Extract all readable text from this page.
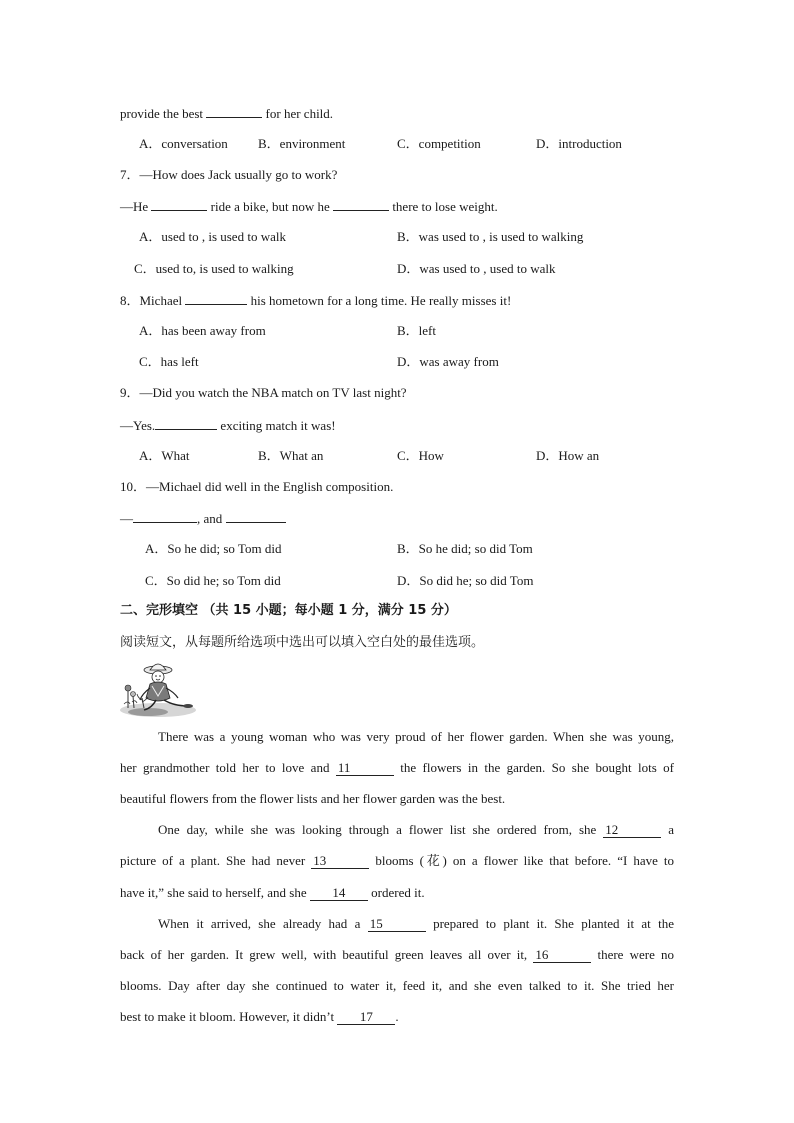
provide the best	for her child.
A．conversation B．environment	C．competition	D．introduction
7．—How does Jack usually go to work?
—He	ride a bike, but now he	there to lose weight.
A．used to , is used to walk	B．was used to , is used to walking
C．used to, is used to walking	D．was used to , used to walk
8．Michael	his hometown for a long time. He really misses it!
A．has been away from	B．left
C．has left	D．was away from
9．—Did you watch the NBA match on TV last night?
—Yes.	exciting match it was!
A．What	B．What an	C．How	D．How an
10．—Michael did well in the English composition.
—	, and
A．So he did; so Tom did	B．So he did; so did Tom
C．So did he; so Tom did	D．So did he; so did Tom
二、完形填空 （共 15 小题；每小题 1 分，满分 15 分）
阅读短文，从每题所给选项中选出可以填入空白处的最佳选项。
There was a young woman who was very proud of her flower garden. When she was young,
her grandmother told her to love and 11	the flowers in the garden. So she bought lots of
beautiful flowers from the flower lists and her flower garden was the best.
One day, while she was looking through a flower list she ordered from, she 12	a
picture of a plant. She had never 13	blooms (花) on a flower like that before. “I have to
have it,” she said to herself, and she 14 ordered it.
When it arrived, she already had a 15	prepared to plant it. She planted it at the
back of her garden. It grew well, with beautiful green leaves all over it, 16	there were no
blooms. Day after day she continued to water it, feed it, and she even talked to it. She tried her
best to make it bloom. However, it didn’t 17 .
